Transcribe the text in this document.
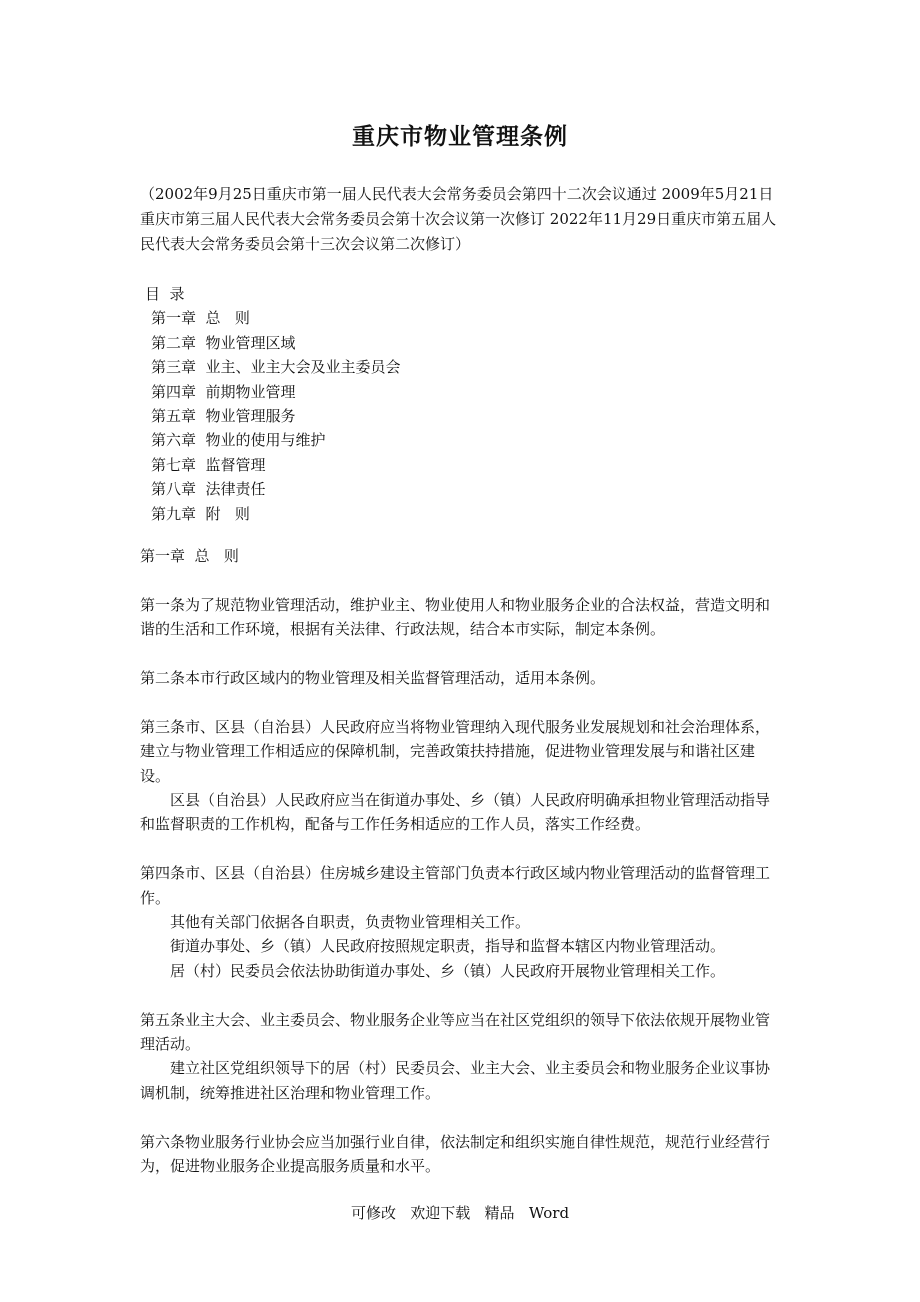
重庆市物业管理条例

（2002年9月25日重庆市第一届人民代表大会常务委员会第四十二次会议通过 2009年5月21日重庆市第三届人民代表大会常务委员会第十次会议第一次修订 2022年11月29日重庆市第五届人民代表大会常务委员会第十三次会议第二次修订）

目  录
第一章  总   则
第二章  物业管理区域
第三章  业主、业主大会及业主委员会
第四章  前期物业管理
第五章  物业管理服务
第六章  物业的使用与维护
第七章  监督管理
第八章  法律责任
第九章  附   则

第一章  总   则

第一条为了规范物业管理活动，维护业主、物业使用人和物业服务企业的合法权益，营造文明和谐的生活和工作环境，根据有关法律、行政法规，结合本市实际，制定本条例。

第二条本市行政区域内的物业管理及相关监督管理活动，适用本条例。

第三条市、区县（自治县）人民政府应当将物业管理纳入现代服务业发展规划和社会治理体系，建立与物业管理工作相适应的保障机制，完善政策扶持措施，促进物业管理发展与和谐社区建设。

区县（自治县）人民政府应当在街道办事处、乡（镇）人民政府明确承担物业管理活动指导和监督职责的工作机构，配备与工作任务相适应的工作人员，落实工作经费。

第四条市、区县（自治县）住房城乡建设主管部门负责本行政区域内物业管理活动的监督管理工作。

其他有关部门依据各自职责，负责物业管理相关工作。

街道办事处、乡（镇）人民政府按照规定职责，指导和监督本辖区内物业管理活动。

居（村）民委员会依法协助街道办事处、乡（镇）人民政府开展物业管理相关工作。

第五条业主大会、业主委员会、物业服务企业等应当在社区党组织的领导下依法依规开展物业管理活动。

建立社区党组织领导下的居（村）民委员会、业主大会、业主委员会和物业服务企业议事协调机制，统筹推进社区治理和物业管理工作。

第六条物业服务行业协会应当加强行业自律，依法制定和组织实施自律性规范，规范行业经营行为，促进物业服务企业提高服务质量和水平。

可修改   欢迎下载   精品   Word
